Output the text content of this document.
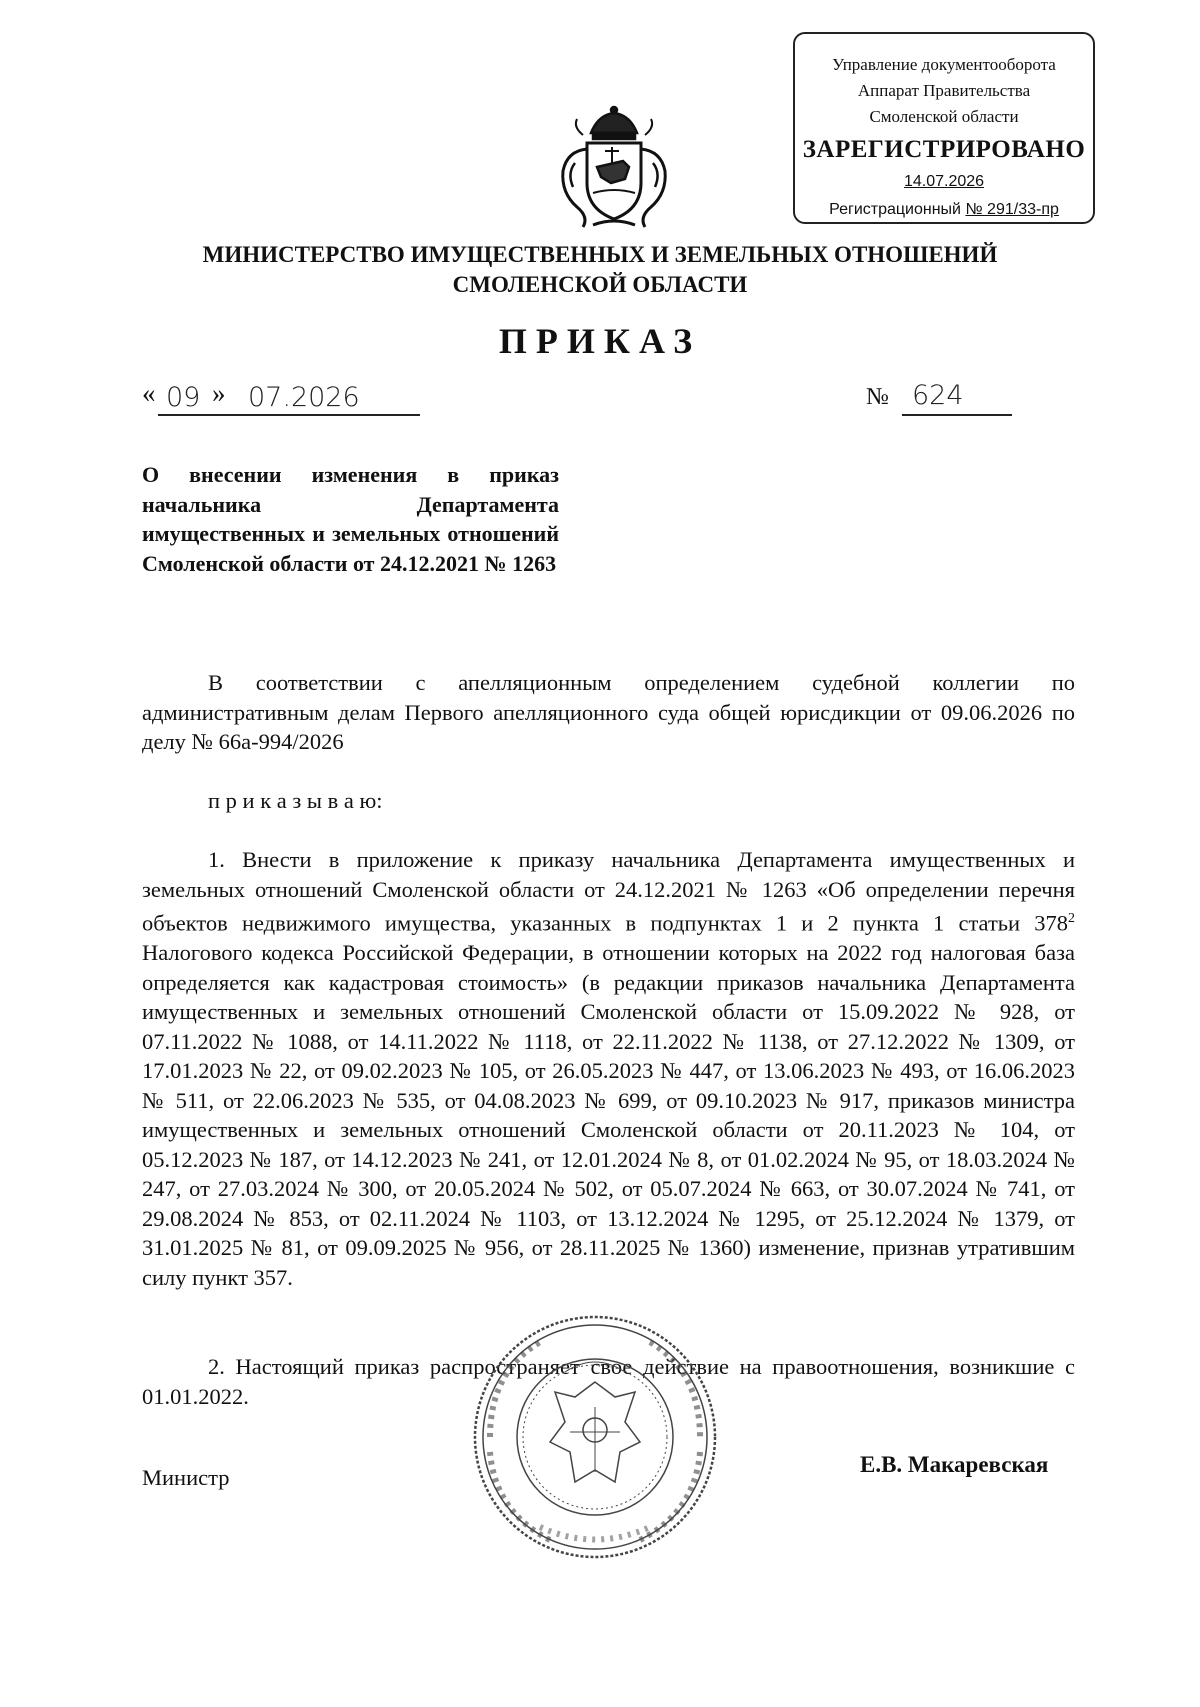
Управление документооборота
Аппарат Правительства
Смоленской области
ЗАРЕГИСТРИРОВАНО
14.07.2026
Регистрационный № 291/33-пр
МИНИСТЕРСТВО ИМУЩЕСТВЕННЫХ И ЗЕМЕЛЬНЫХ ОТНОШЕНИЙ
СМОЛЕНСКОЙ ОБЛАСТИ
ПРИКАЗ
« 09 » 07.2026	№ 624
О внесении изменения в приказ начальника Департамента имущественных и земельных отношений Смоленской области от 24.12.2021 № 1263
В соответствии с апелляционным определением судебной коллегии по административным делам Первого апелляционного суда общей юрисдикции от 09.06.2026 по делу № 66а-994/2026
п р и к а з ы в а ю:
1. Внести в приложение к приказу начальника Департамента имущественных и земельных отношений Смоленской области от 24.12.2021 № 1263 «Об определении перечня объектов недвижимого имущества, указанных в подпунктах 1 и 2 пункта 1 статьи $378^2$ Налогового кодекса Российской Федерации, в отношении которых на 2022 год налоговая база определяется как кадастровая стоимость» (в редакции приказов начальника Департамента имущественных и земельных отношений Смоленской области от 15.09.2022 № 928, от 07.11.2022 № 1088, от 14.11.2022 № 1118, от 22.11.2022 № 1138, от 27.12.2022 № 1309, от 17.01.2023 № 22, от 09.02.2023 № 105, от 26.05.2023 № 447, от 13.06.2023 № 493, от 16.06.2023 № 511, от 22.06.2023 № 535, от 04.08.2023 № 699, от 09.10.2023 № 917, приказов министра имущественных и земельных отношений Смоленской области от 20.11.2023 № 104, от 05.12.2023 № 187, от 14.12.2023 № 241, от 12.01.2024 № 8, от 01.02.2024 № 95, от 18.03.2024 № 247, от 27.03.2024 № 300, от 20.05.2024 № 502, от 05.07.2024 № 663, от 30.07.2024 № 741, от 29.08.2024 № 853, от 02.11.2024 № 1103, от 13.12.2024 № 1295, от 25.12.2024 № 1379, от 31.01.2025 № 81, от 09.09.2025 № 956, от 28.11.2025 № 1360) изменение, признав утратившим силу пункт 357.
2. Настоящий приказ распространяет свое действие на правоотношения, возникшие с 01.01.2022.
Министр
Е.В. Макаревская
